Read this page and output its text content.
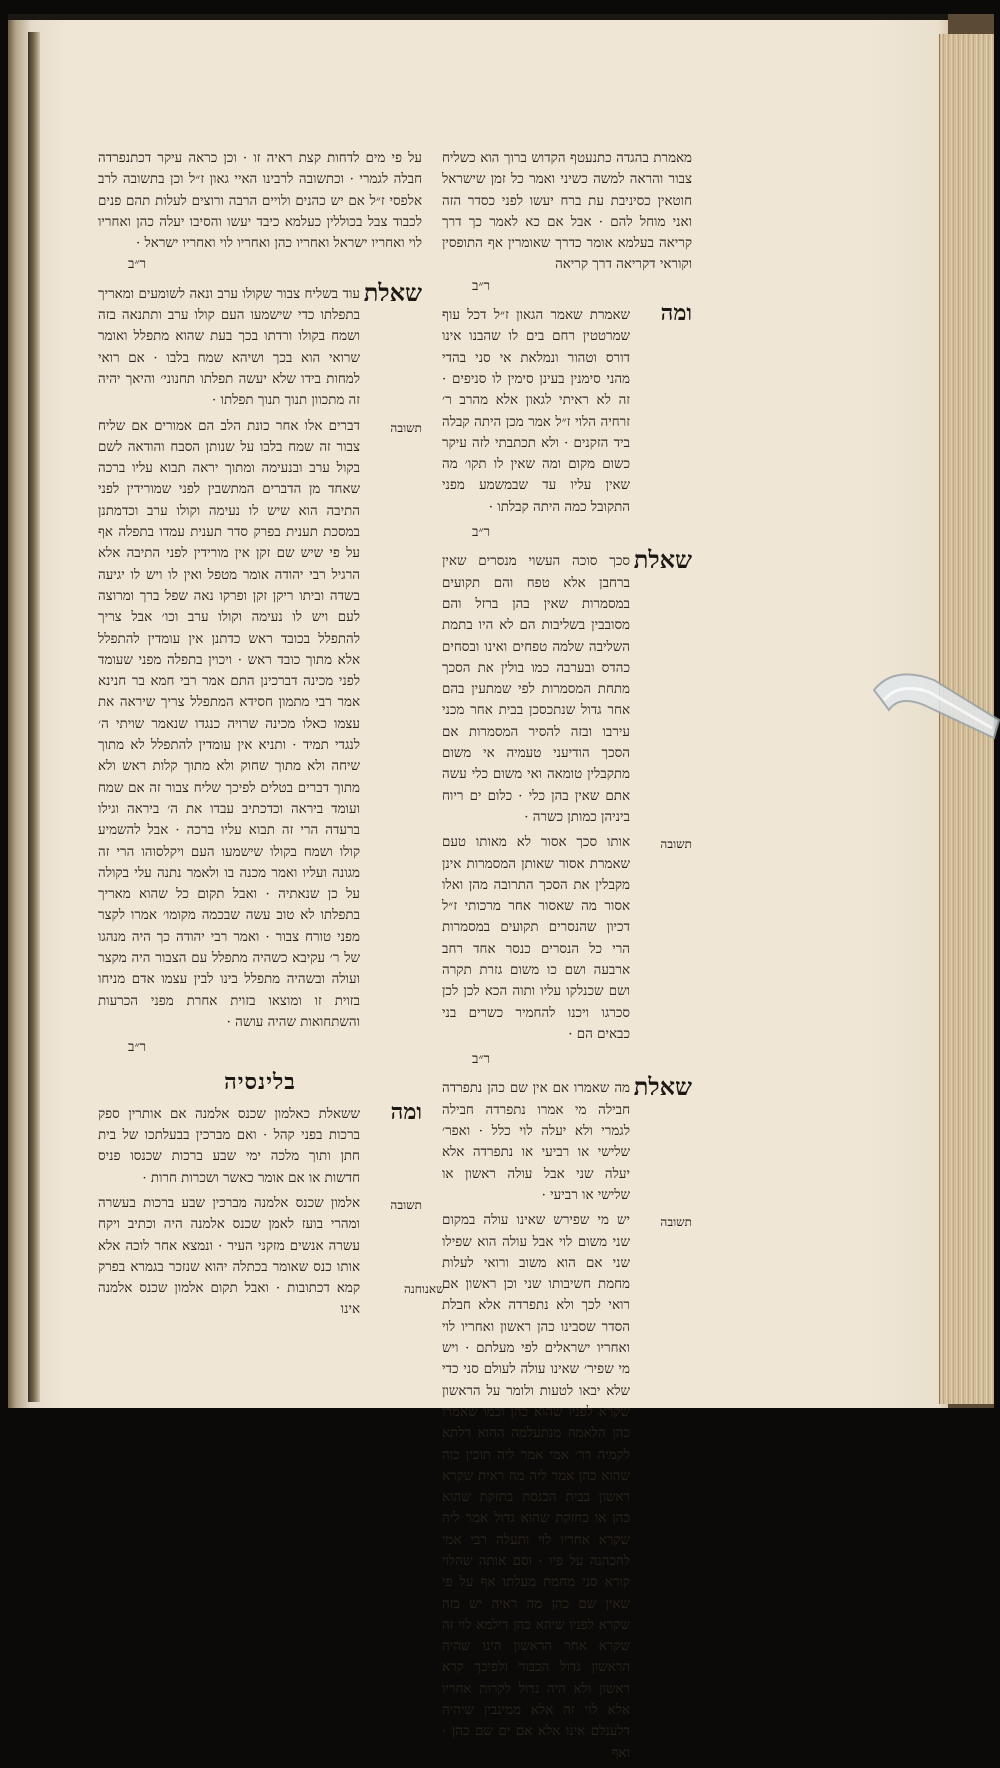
מאמרת בהגדה כתנעטף הקדוש ברוך הוא כשליח צבור והראה למשה כשיני ואמר כל זמן שישראל חוטאין כסיניבת עת ברח יעשו לפני כסדר הזה ואני מוחל להם · אבל אם כא לאמר כך דרך קריאה בעלמא אומר כדרך שאומרין אף התופסין וקוראי דקריאה דרך קריאה

ר״ב
ומה

שאמרת שאמר הגאון ז״ל דכל עוף שמרטטין רחם בים לו שהבנו אינו דורס וטהור ונמלאת אי סני בהדי מהני סימנין בעינן סימין לו סניפים · זה לא ראיתי לגאון אלא מהרב ר׳ זרחיה הלוי ז״ל אמר מכן היתה קבלה ביד הזקנים · ולא תכתבתי לזה עיקר כשום מקום ומה שאין לו תקו׳ מה שאין עליו עד שבמשמע מפני התקובל כמה היתה קבלתו ·

ר״ב
שאלת

סכך סוכה העשוי מנסרים שאין ברחבן אלא טפח והם תקועים במסמרות שאין בהן ברזל והם מסובבין בשליבות הם לא היו בתמת השליבה שלמה טפחים ואינו ובסחים כהדס ובערבה כמו בולין את הסכך מתחת המסמרות לפי שמתעין בהם אחר גדול שנתכסכן בבית אחר מכני עירבו ובזה להסיר המסמרות אם הסכך הודיעני טעמיה אי משום מתקבלין טומאה ואי משום כלי עשה אתם שאין בהן כלי · כלום ים ריוח ביניהן כמותן כשרה ·

תשובה

אותו סכך אסור לא מאותו טעם שאמרת אסור שאותן המסמרות אינן מקבלין את הסכך התרובה מהן ואלו אסור מה שאסור אחר מרכותי ז״ל דכיון שהנסרים תקועים במסמרות הרי כל הנסרים כנסר אחד רחב ארבעה ושם כו משום גזרת תקרה ושם שכנלקו עליו ותוה הכא לכן לכן סכרגו ויכנו להחמיר כשרים בני כבאים הם ·

ר״ב
שאלת

מה שאמרו אם אין שם כהן נתפרדה חבילה מי אמרו נתפרדה חבילה לגמרי ולא יעלה לוי כלל · ואפר׳ שלישי או רביעי או נתפרדה אלא יעלה שני אבל עולה ראשון או שלישי או רביעי ·

תשובה

יש מי שפירש שאינו עולה במקום שני משום לוי אבל עולה הוא שפילו שני אם הוא משוב ורואי לעלות מחמת חשיבותו שני וכן ראשון אם רואי לכך ולא נתפרדה אלא חבלת הסדר שסבינו כהן ראשון ואחריו לוי ואחריו ישראלים לפי מעלתם · ויש מי שפיר׳ שאינו עולה לעולם סני כדי שלא יבאו לטעות ולומר על הראשון שקרא לפניו שהוא כהן וכמו שאמרו כהן הלאמה מנתעלמה ההוא דלתא לקמיה דר׳ אמי אמר ליה תוכין כוה שהוא כהן אמר ליה מה ראית שקרא ראשון בבית הכנסת בתזקת שהוא כהן או בחזקת שהוא גדול אמר ליה שקרא אחריו לוי ותעלה רבי אמי להכהנה על פיו · וסם אותה שהלוי קורא סני מחמת מעלתו אף על פי שאין שם כהן מה ראיה יש בזה שקרא לפניו שיהא כהן דילמא לוי זה שקרא אחר הראשון הינו שהיה הראשון גדול הכבור ולפיכך קרא ראשון ולא היה גדול לקרות אחריו אלא לוי זה אלא ממינבין שיהיה דלענלם אינו אלא אם ים שם כהן · ואף

על פי מים לדחות קצת ראיה זו · וכן כראה עיקר דכתנפרדה חבלה לגמרי · וכתשובה לרבינו האיי גאון ז״ל וכן בתשובה לרב אלפסי ז״ל אם יש כהנים ולויים הרבה ורוצים לעלות תהם פנים לכבוד צבל בכוללין כעלמא כיבד יעשו והסיבו יעלה כהן ואחריו לוי ואחריו ישראל ואחריו כהן ואחריו לוי ואחריו ישראל ·

ר״ב
שאלת

עוד בשליח צבור שקולו ערב ונאה לשומעים ומאריך בתפלתו כדי שישמעו העם קולו ערב ותתנאה בזה ושמח בקולו ורדתו בכך בעת שהוא מתפלל ואומר שרואי הוא בכך ושיהא שמח בלבו · אם רואי למחות בידו שלא יעשה תפלתו תחנוני׳ והיאך יהיה זה מתכוון תנוך תנוך תפלתו ·

תשובה

דברים אלו אחר כונת הלב הם אמורים אם שליח צבור זה שמח בלבו על שנותן הסבח והודאה לשם בקול ערב ובנעימה ומתוך יראה תבוא עליו ברכה שאחד מן הדברים המתשבין לפני שמורידין לפני התיבה הוא שיש לו נעימה וקולו ערב וכדמתנן במסכת תענית בפרק סדר תענית עמדו בתפלה אף על פי שיש שם זקן אין מורידין לפני התיבה אלא הרגיל רבי יהודה אומר מטפל ואין לו ויש לו יגיעה בשדה וביתו ריקן זקן ופרקו נאה שפל ברך ומרוצה לעם ויש לו נעימה וקולו ערב וכו׳ אבל צריך להתפלל בכובד ראש כדתנן אין עומדין להתפלל אלא מתוך כובד ראש · ויכוין בתפלה מפני שעומד לפני מכינה דברכינן התם אמר רבי חמא בר חנינא אמר רבי מתמון חסידא המתפלל צריך שיראה את עצמו כאלו מכינה שרויה כנגדו שנאמר שויתי ה׳ לנגדי תמיד · ותניא אין עומדין להתפלל לא מתוך שיחה ולא מתוך שחוק ולא מתוך קלות ראש ולא מתוך דברים בטלים לפיכך שליח צבור זה אם שמח ועומד ביראה וכדכתיב עבדו את ה׳ ביראה וגילו ברעדה הרי זה תבוא עליו ברכה · אבל להשמיע קולו ושמח בקולו שישמעו העם ויקלסוהו הרי זה מגונה ועליו ואמר מכנה בו ולאמר נתנה עלי בקולה על כן שנאתיה · ואבל תקום כל שהוא מאריך בתפלתו לא טוב עשה שבכמה מקומו׳ אמרו לקצר מפני טורח צבור · ואמר רבי יהודה כך היה מנהגו של ר׳ עקיבא כשהיה מתפלל עם הצבור היה מקצר ועולה ובשהיה מתפלל בינו לבין עצמו אדם מניחו בזוית זו ומוצאו בזוית אחרת מפני הכרעות והשתחואות שהיה עושה ·

ר״ב
בלינסיה
ומה

ששאלת כאלמון שכנס אלמנה אם אותרין ספק ברכות בפני קהל · ואם מברכין בבעלתכו של בית חתן ותוך מלכה ימי שבע ברכות שכנסו פניס חדשות או אם אומר כאשר ושכרות חרות ·

תשובה

אלמון שכנס אלמנה מברכין שבע ברכות בעשרה ומהרי בועז לאמן שכנס אלמנה היה וכתיב ויקח עשרה אנשים מזקני העיר · ונמצא אחר לוכה אלא אותו כנס שאומר בכתלה יהוא שנזכר בגמרא בפרק קמא דכתובות · ואבל תקום אלמון שכנס אלמנה אינו

שאנוחנה
